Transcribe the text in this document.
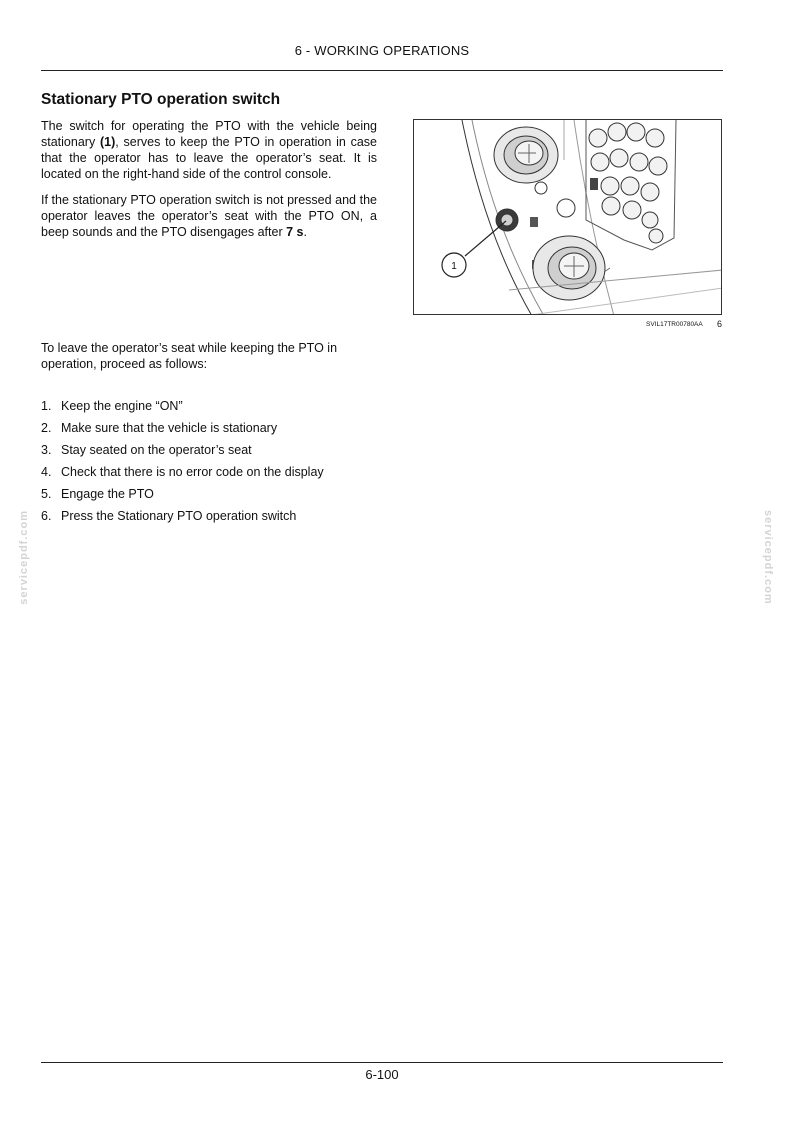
6 - WORKING OPERATIONS
Stationary PTO operation switch
The switch for operating the PTO with the vehicle being stationary (1), serves to keep the PTO in operation in case that the operator has to leave the operator’s seat. It is located on the right-hand side of the control console.
If the stationary PTO operation switch is not pressed and the operator leaves the operator’s seat with the PTO ON, a beep sounds and the PTO disengages after 7 s.
1
SVIL17TR00780AA 6
To leave the operator’s seat while keeping the PTO in operation, proceed as follows:
1. Keep the engine “ON”
2. Make sure that the vehicle is stationary
3. Stay seated on the operator’s seat
4. Check that there is no error code on the display
5. Engage the PTO
6. Press the Stationary PTO operation switch
servicepdf.com	servicepdf.com
6-100
